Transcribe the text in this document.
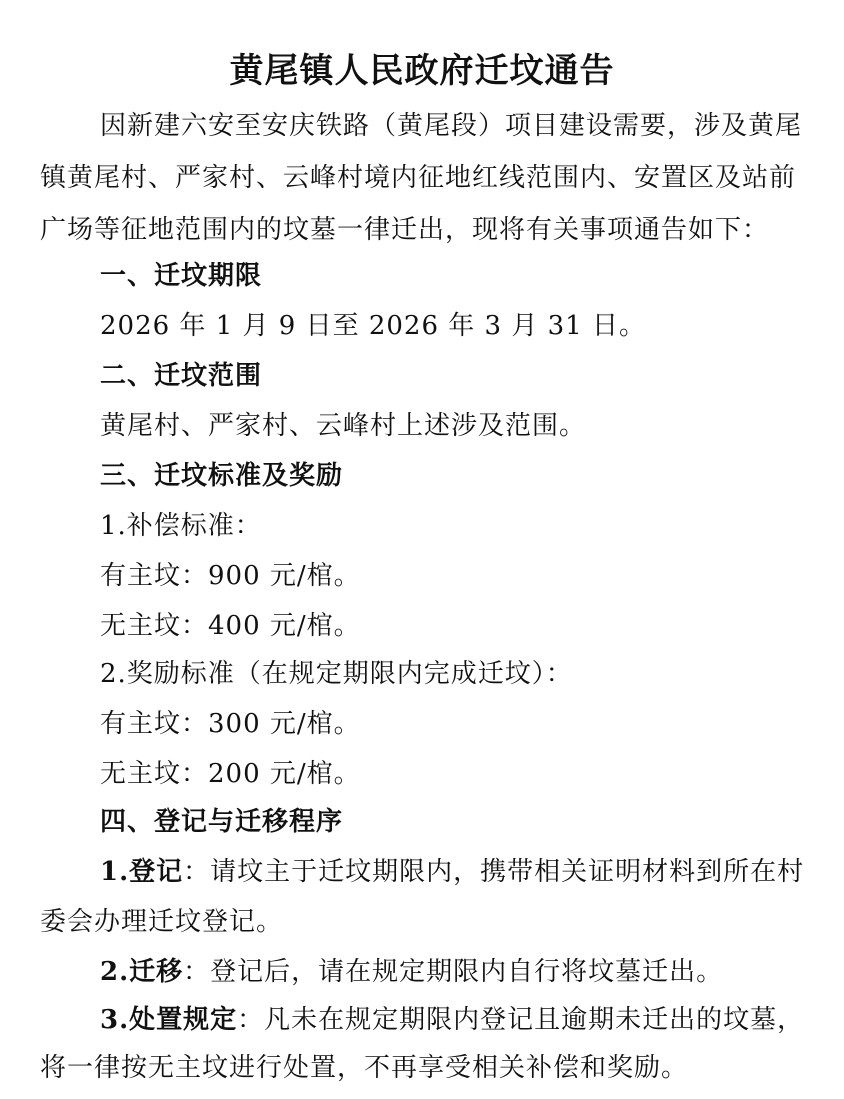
黄尾镇人民政府迁坟通告
因新建六安至安庆铁路（黄尾段）项目建设需要，涉及黄尾
镇黄尾村、严家村、云峰村境内征地红线范围内、安置区及站前
广场等征地范围内的坟墓一律迁出，现将有关事项通告如下：
一、迁坟期限
2026 年 1 月 9 日至 2026 年 3 月 31 日。
二、迁坟范围
黄尾村、严家村、云峰村上述涉及范围。
三、迁坟标准及奖励
1.补偿标准：
有主坟：900 元/棺。
无主坟：400 元/棺。
2.奖励标准（在规定期限内完成迁坟）：
有主坟：300 元/棺。
无主坟：200 元/棺。
四、登记与迁移程序
1.登记：请坟主于迁坟期限内，携带相关证明材料到所在村
委会办理迁坟登记。
2.迁移：登记后，请在规定期限内自行将坟墓迁出。
3.处置规定：凡未在规定期限内登记且逾期未迁出的坟墓，
将一律按无主坟进行处置，不再享受相关补偿和奖励。
